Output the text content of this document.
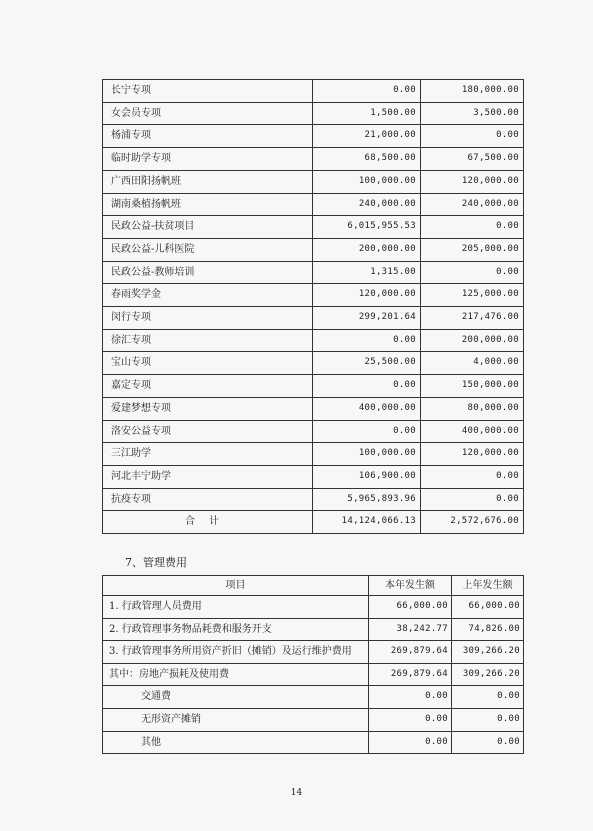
长宁专项	0.00	180,000.00
女会员专项	1,500.00	3,500.00
杨浦专项	21,000.00	0.00
临时助学专项	68,500.00	67,500.00
广西田阳扬帆班	100,000.00	120,000.00
湖南桑植扬帆班	240,000.00	240,000.00
民政公益-扶贫项目	6,015,955.53	0.00
民政公益-儿科医院	200,000.00	205,000.00
民政公益-教师培训	1,315.00	0.00
春雨奖学金	120,000.00	125,000.00
闵行专项	299,201.64	217,476.00
徐汇专项	0.00	200,000.00
宝山专项	25,500.00	4,000.00
嘉定专项	0.00	150,000.00
爱建梦想专项	400,000.00	80,000.00
洛安公益专项	0.00	400,000.00
三江助学	100,000.00	120,000.00
河北丰宁助学	106,900.00	0.00
抗疫专项	5,965,893.96	0.00
合计	14,124,066.13	2,572,676.00
7、管理费用
项目	本年发生额	上年发生额
1. 行政管理人员费用	66,000.00	66,000.00
2. 行政管理事务物品耗费和服务开支	38,242.77	74,826.00
3. 行政管理事务所用资产折旧（摊销）及运行维护费用	269,879.64	309,266.20
其中：房地产损耗及使用费	269,879.64	309,266.20
交通费	0.00	0.00
无形资产摊销	0.00	0.00
其他	0.00	0.00
14
